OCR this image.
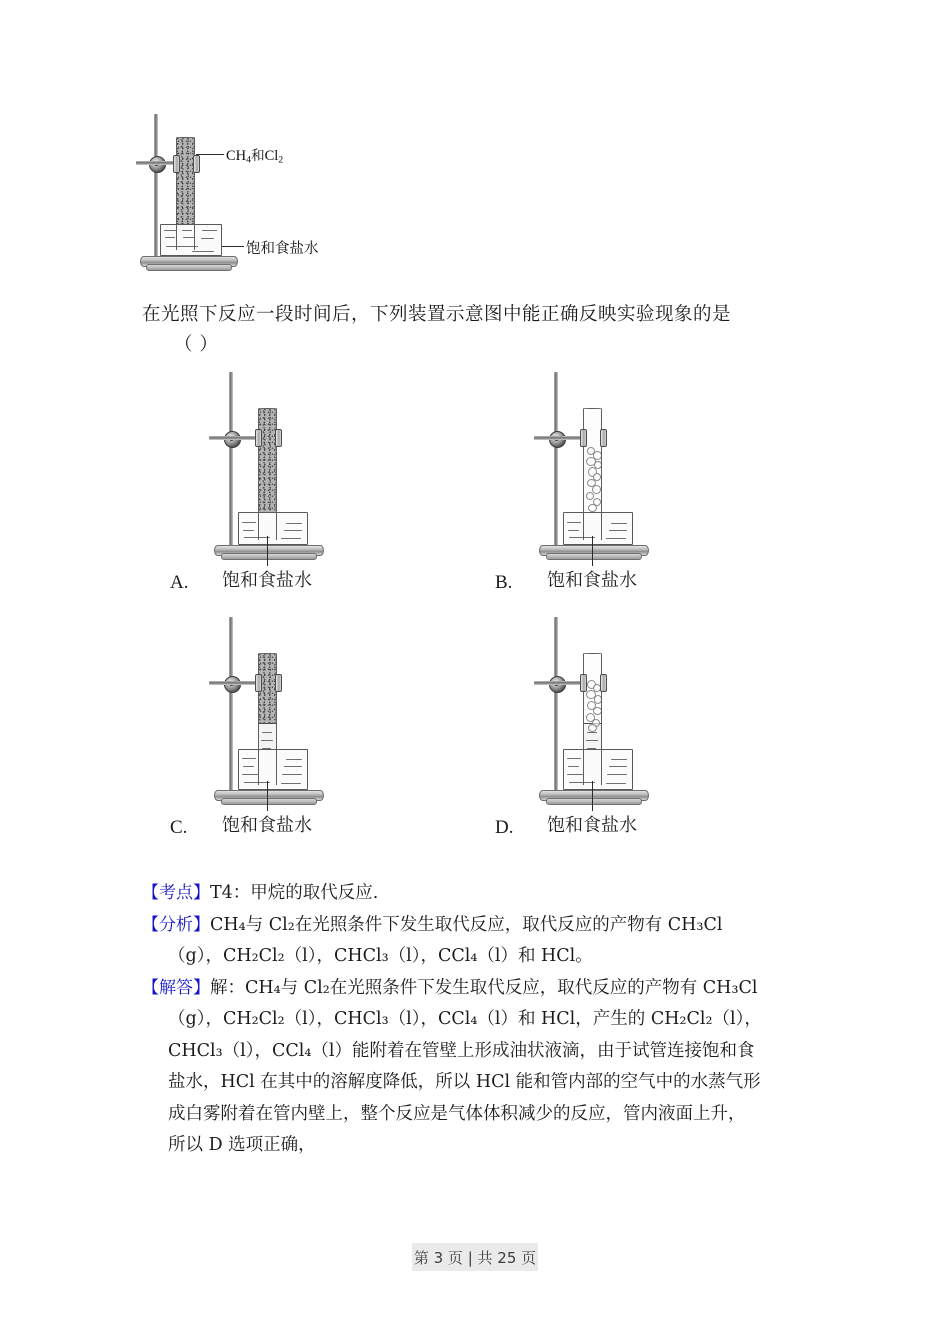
$CH_4$和$Cl_2$
饱和食盐水
在光照下反应一段时间后，下列装置示意图中能正确反映实验现象的是
（ ）
饱和食盐水
A.	饱和食盐水
B.
饱和食盐水
C.	饱和食盐水
D.
【考点】T4：甲烷的取代反应.
【分析】CH₄与 Cl₂在光照条件下发生取代反应，取代反应的产物有 CH₃Cl
（g），CH₂Cl₂（l），CHCl₃（l），CCl₄（l）和 HCl。
【解答】解：CH₄与 Cl₂在光照条件下发生取代反应，取代反应的产物有 CH₃Cl
（g），CH₂Cl₂（l），CHCl₃（l），CCl₄（l）和 HCl，产生的 CH₂Cl₂（l），
CHCl₃（l），CCl₄（l）能附着在管壁上形成油状液滴，由于试管连接饱和食
盐水，HCl 在其中的溶解度降低，所以 HCl 能和管内部的空气中的水蒸气形
成白雾附着在管内壁上，整个反应是气体体积减少的反应，管内液面上升，
所以 D 选项正确，
第 3 页 | 共 25 页
